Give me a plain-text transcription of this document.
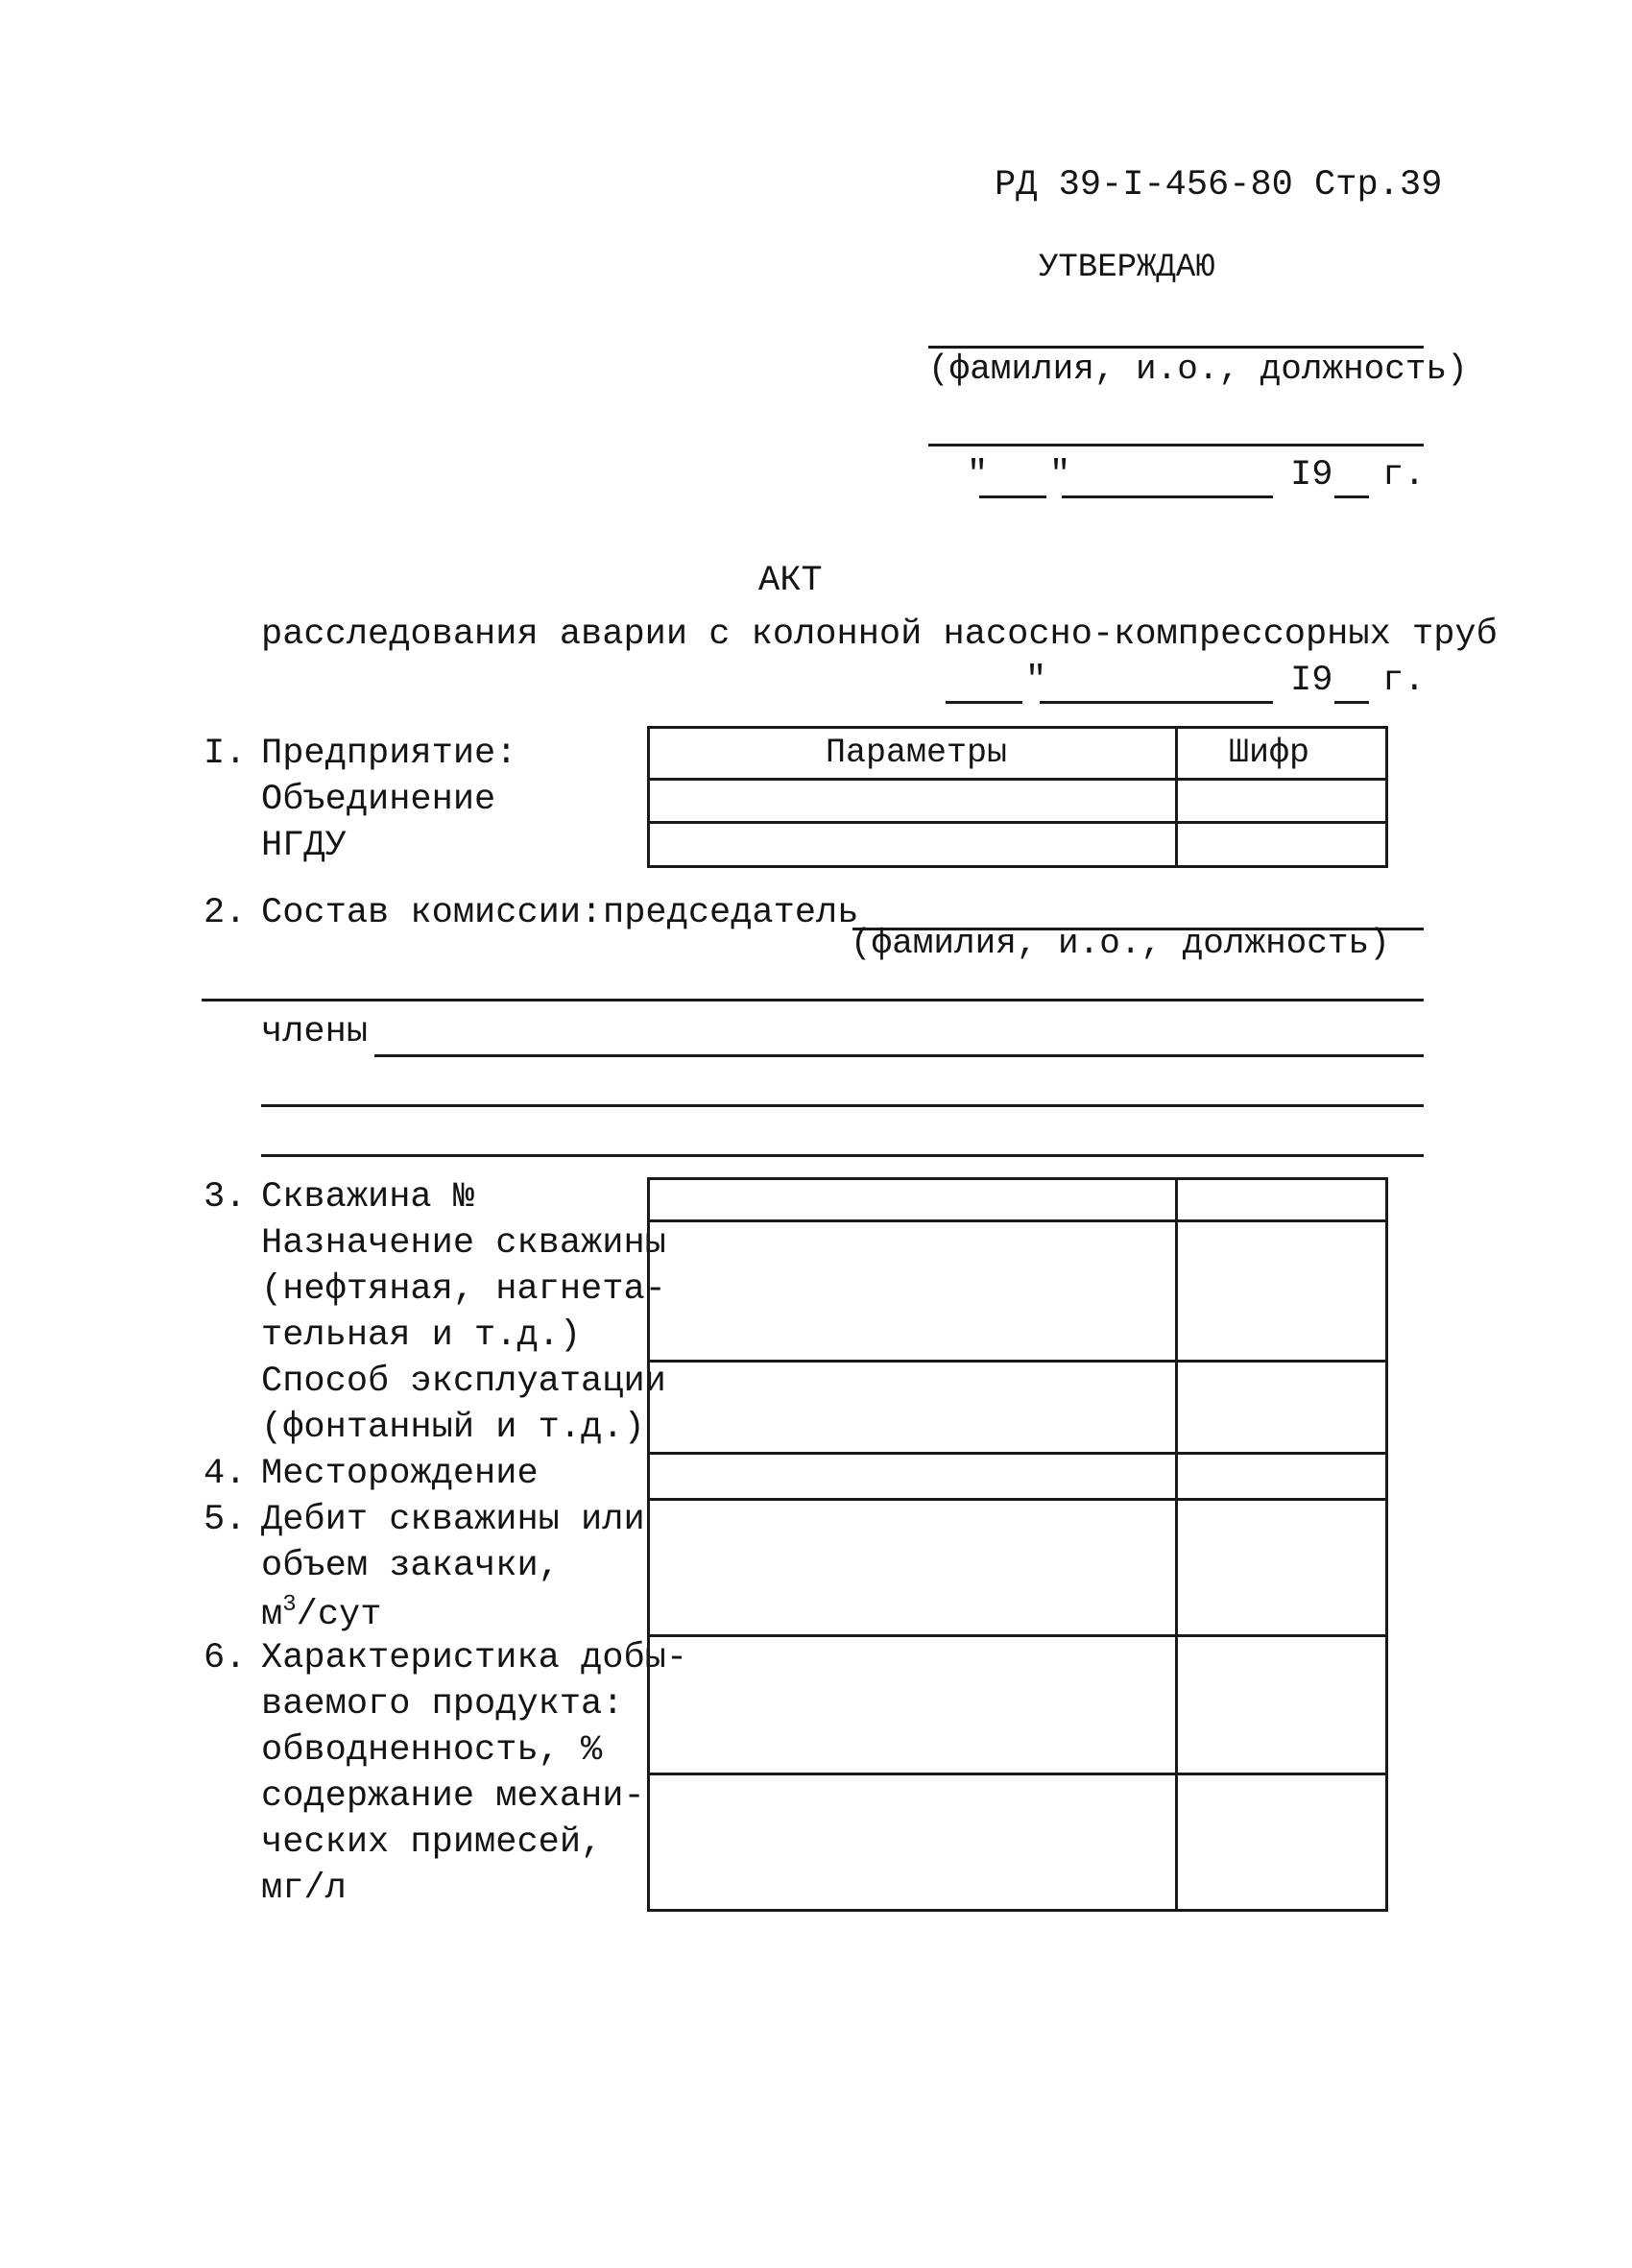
РД 39-I-456-80 Стр.39
УТВЕРЖДАЮ
(фамилия, и.о., должность)
" "	I9 г.
АКТ
расследования аварии с колонной насосно-компрессорных труб
"	I9 г.
I. Предприятие:
Объединение
НГДУ
Параметры	Шифр
2. Состав комиссии: председатель
(фамилия, и.о., должность)
члены
3. Скважина №
Назначение скважины
(нефтяная, нагнета-
тельная и т.д.)
Способ эксплуатации
(фонтанный и т.д.)
4. Месторождение
5. Дебит скважины или
объем закачки,
$м^3$/сут
6. Характеристика добы-
ваемого продукта:
обводненность, %
содержание механи-
ческих примесей,
мг/л
